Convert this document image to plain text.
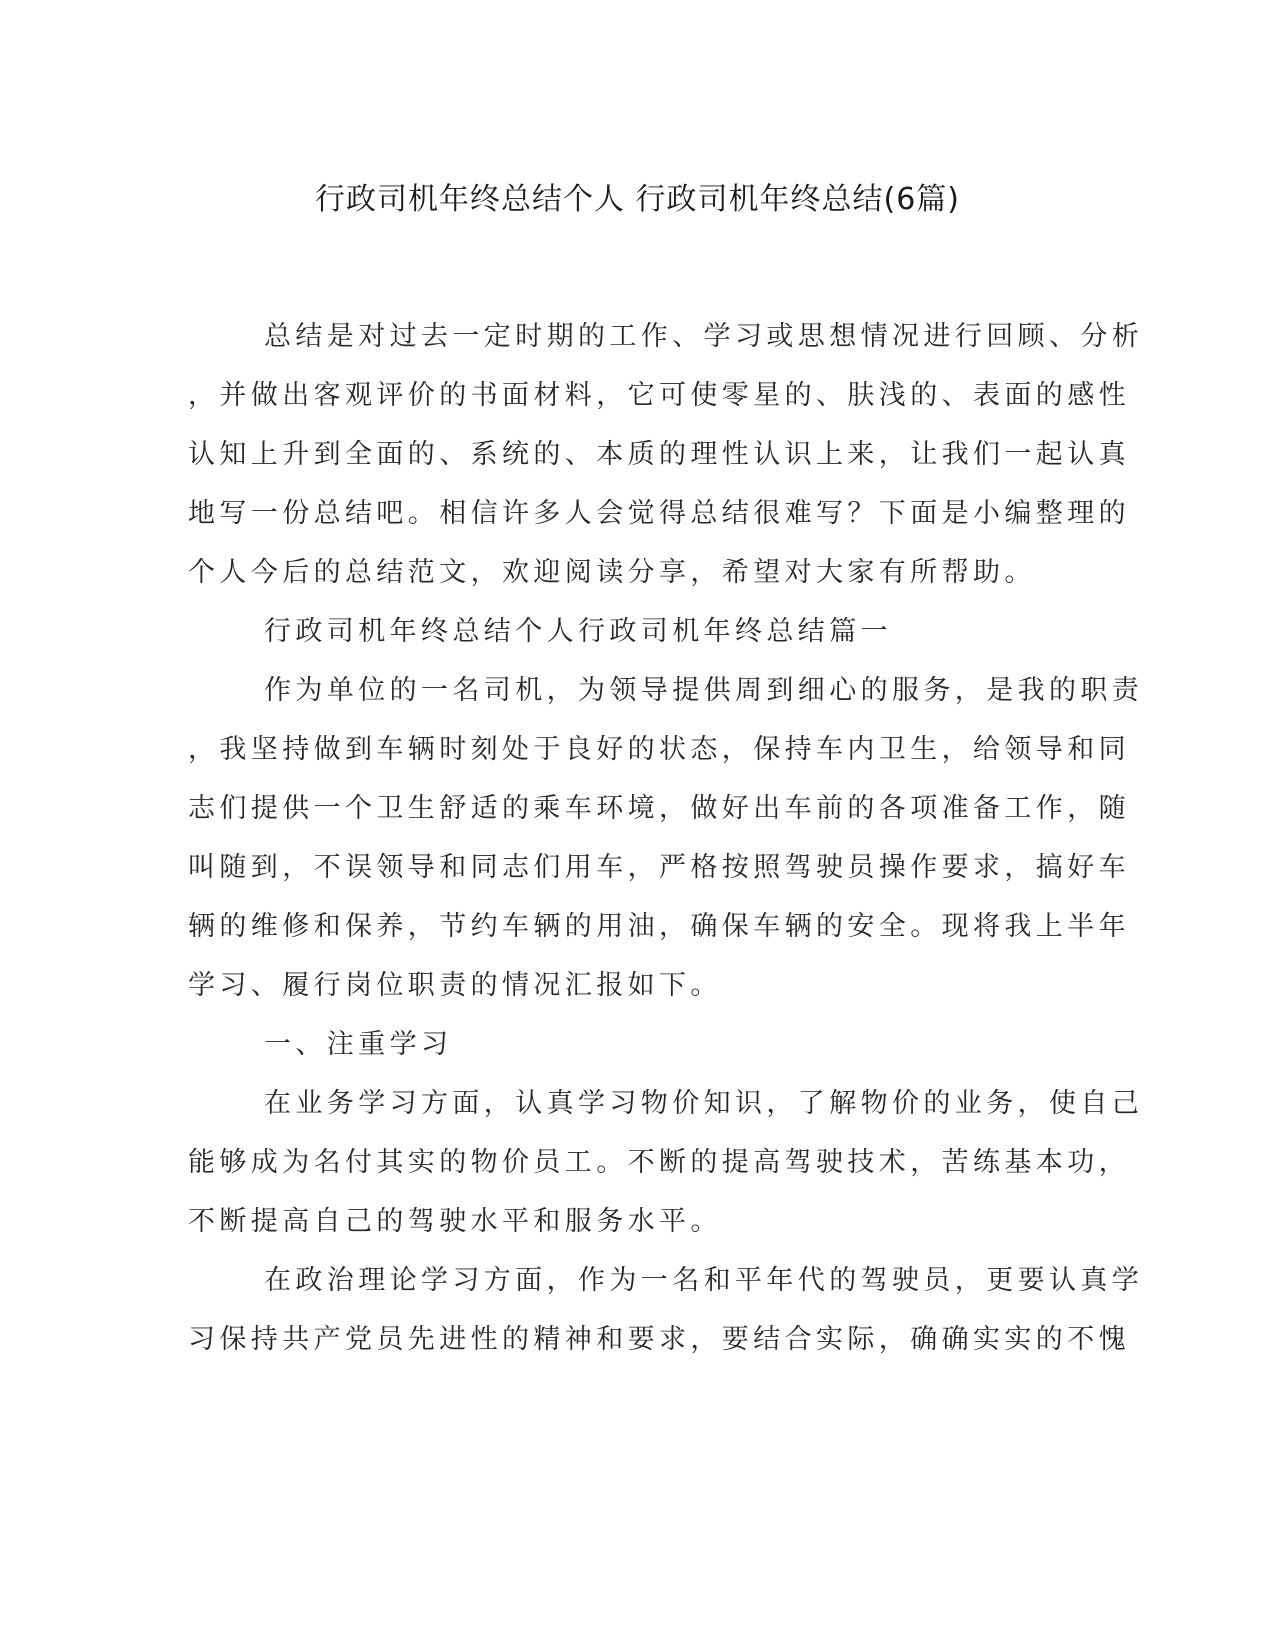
行政司机年终总结个人 行政司机年终总结(6篇)
总结是对过去一定时期的工作、学习或思想情况进行回顾、分析
，并做出客观评价的书面材料，它可使零星的、肤浅的、表面的感性
认知上升到全面的、系统的、本质的理性认识上来，让我们一起认真
地写一份总结吧。相信许多人会觉得总结很难写？下面是小编整理的
个人今后的总结范文，欢迎阅读分享，希望对大家有所帮助。
行政司机年终总结个人行政司机年终总结篇一
作为单位的一名司机，为领导提供周到细心的服务，是我的职责
，我坚持做到车辆时刻处于良好的状态，保持车内卫生，给领导和同
志们提供一个卫生舒适的乘车环境，做好出车前的各项准备工作，随
叫随到，不误领导和同志们用车，严格按照驾驶员操作要求，搞好车
辆的维修和保养，节约车辆的用油，确保车辆的安全。现将我上半年
学习、履行岗位职责的情况汇报如下。
一、注重学习
在业务学习方面，认真学习物价知识，了解物价的业务，使自己
能够成为名付其实的物价员工。不断的提高驾驶技术，苦练基本功，
不断提高自己的驾驶水平和服务水平。
在政治理论学习方面，作为一名和平年代的驾驶员，更要认真学
习保持共产党员先进性的精神和要求，要结合实际，确确实实的不愧
